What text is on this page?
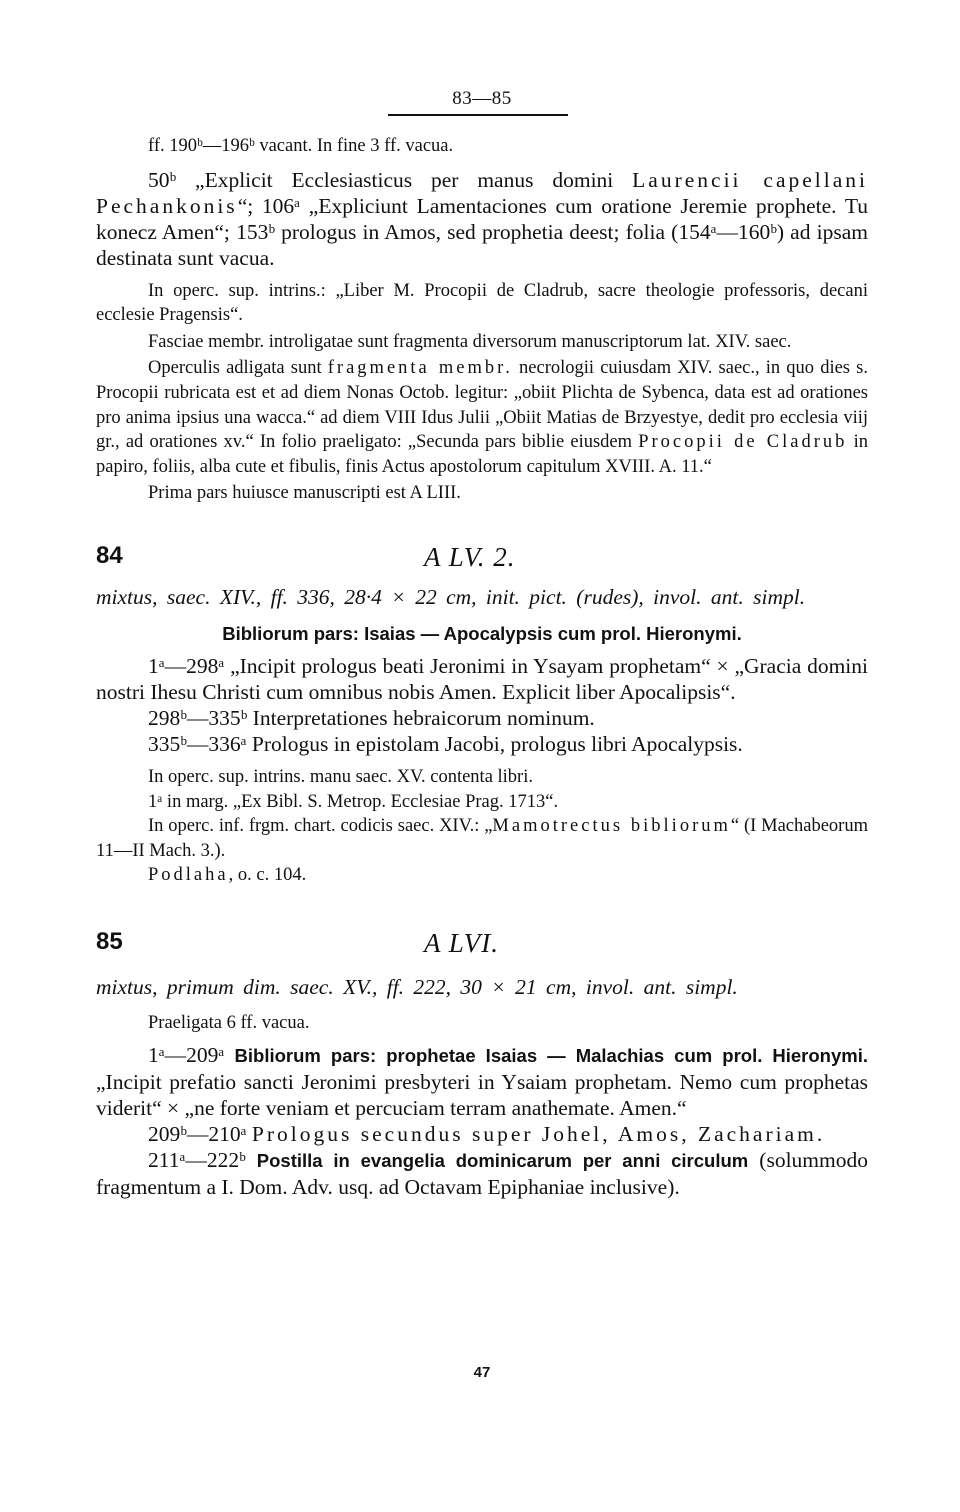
83—85

ff. 190ᵇ—196ᵇ vacant. In fine 3 ff. vacua.

50ᵇ „Explicit Ecclesiasticus per manus domini Laurencii capellani Pechankonis“; 106ᵃ „Expliciunt Lamentaciones cum oratione Jeremie prophete. Tu konecz Amen“; 153ᵇ prologus in Amos, sed prophetia deest; folia (154ᵃ—160ᵇ) ad ipsam destinata sunt vacua.

In operc. sup. intrins.: „Liber M. Procopii de Cladrub, sacre theologie professoris, decani ecclesie Pragensis“.

Fasciae membr. introligatae sunt fragmenta diversorum manuscriptorum lat. XIV. saec.

Operculis adligata sunt fragmenta membr. necrologii cuiusdam XIV. saec., in quo dies s. Procopii rubricata est et ad diem Nonas Octob. legitur: „obiit Plichta de Sybenca, data est ad orationes pro anima ipsius una wacca.“ ad diem VIII Idus Julii „Obiit Matias de Brzyestye, dedit pro ecclesia viij gr., ad orationes xv.“ In folio praeligato: „Secunda pars biblie eiusdem Procopii de Cladrub in papiro, foliis, alba cute et fibulis, finis Actus apostolorum capitulum XVIII. A. 11.“

Prima pars huiusce manuscripti est A LIII.

84	A LV. 2.

mixtus, saec. XIV., ff. 336, 28·4 × 22 cm, init. pict. (rudes), invol. ant. simpl.

Bibliorum pars: Isaias — Apocalypsis cum prol. Hieronymi.

1ᵃ—298ᵃ „Incipit prologus beati Jeronimi in Ysayam prophetam“ × „Gracia domini nostri Ihesu Christi cum omnibus nobis Amen. Explicit liber Apocalipsis“.

298ᵇ—335ᵇ Interpretationes hebraicorum nominum.

335ᵇ—336ᵃ Prologus in epistolam Jacobi, prologus libri Apocalypsis.

In operc. sup. intrins. manu saec. XV. contenta libri.

1ᵃ in marg. „Ex Bibl. S. Metrop. Ecclesiae Prag. 1713“.

In operc. inf. frgm. chart. codicis saec. XIV.: „Mamotrectus bibliorum“ (I Machabeorum 11—II Mach. 3.).

Podlaha, o. c. 104.

85	A LVI.

mixtus, primum dim. saec. XV., ff. 222, 30 × 21 cm, invol. ant. simpl.

Praeligata 6 ff. vacua.

1ᵃ—209ᵃ Bibliorum pars: prophetae Isaias — Malachias cum prol. Hieronymi. „Incipit prefatio sancti Jeronimi presbyteri in Ysaiam prophetam. Nemo cum prophetas viderit“ × „ne forte veniam et percuciam terram anathemate. Amen.“

209ᵇ—210ᵃ Prologus secundus super Johel, Amos, Zachariam.

211ᵃ—222ᵇ Postilla in evangelia dominicarum per anni circulum (solummodo fragmentum a I. Dom. Adv. usq. ad Octavam Epiphaniae inclusive).

47
